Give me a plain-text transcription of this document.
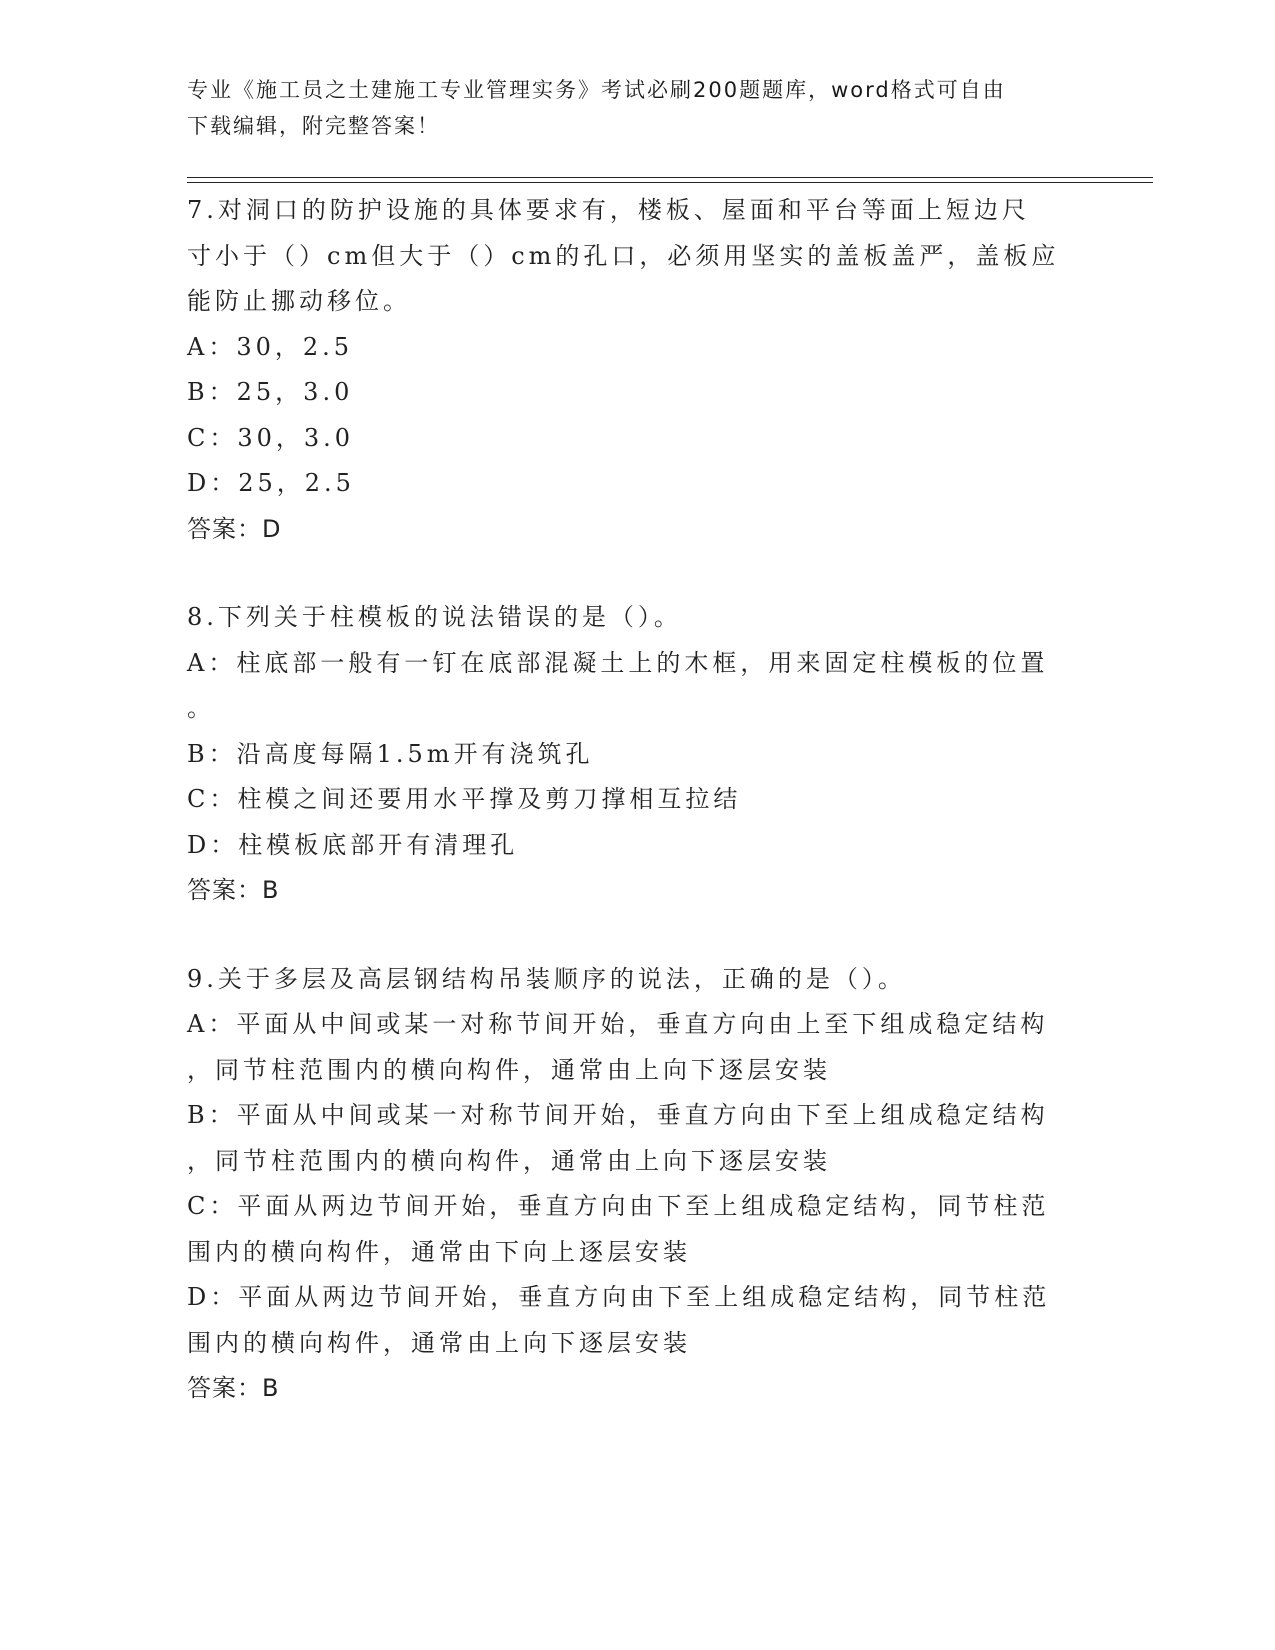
专业《施工员之土建施工专业管理实务》考试必刷200题题库，word格式可自由
下载编辑，附完整答案！
7.对洞口的防护设施的具体要求有，楼板、屋面和平台等面上短边尺
寸小于（）cm但大于（）cm的孔口，必须用坚实的盖板盖严，盖板应
能防止挪动移位。
A：30，2.5
B：25，3.0
C：30，3.0
D：25，2.5
答案：D
8.下列关于柱模板的说法错误的是（）。
A：柱底部一般有一钉在底部混凝土上的木框，用来固定柱模板的位置
。
B：沿高度每隔1.5m开有浇筑孔
C：柱模之间还要用水平撑及剪刀撑相互拉结
D：柱模板底部开有清理孔
答案：B
9.关于多层及高层钢结构吊装顺序的说法，正确的是（）。
A：平面从中间或某一对称节间开始，垂直方向由上至下组成稳定结构
，同节柱范围内的横向构件，通常由上向下逐层安装
B：平面从中间或某一对称节间开始，垂直方向由下至上组成稳定结构
，同节柱范围内的横向构件，通常由上向下逐层安装
C：平面从两边节间开始，垂直方向由下至上组成稳定结构，同节柱范
围内的横向构件，通常由下向上逐层安装
D：平面从两边节间开始，垂直方向由下至上组成稳定结构，同节柱范
围内的横向构件，通常由上向下逐层安装
答案：B
